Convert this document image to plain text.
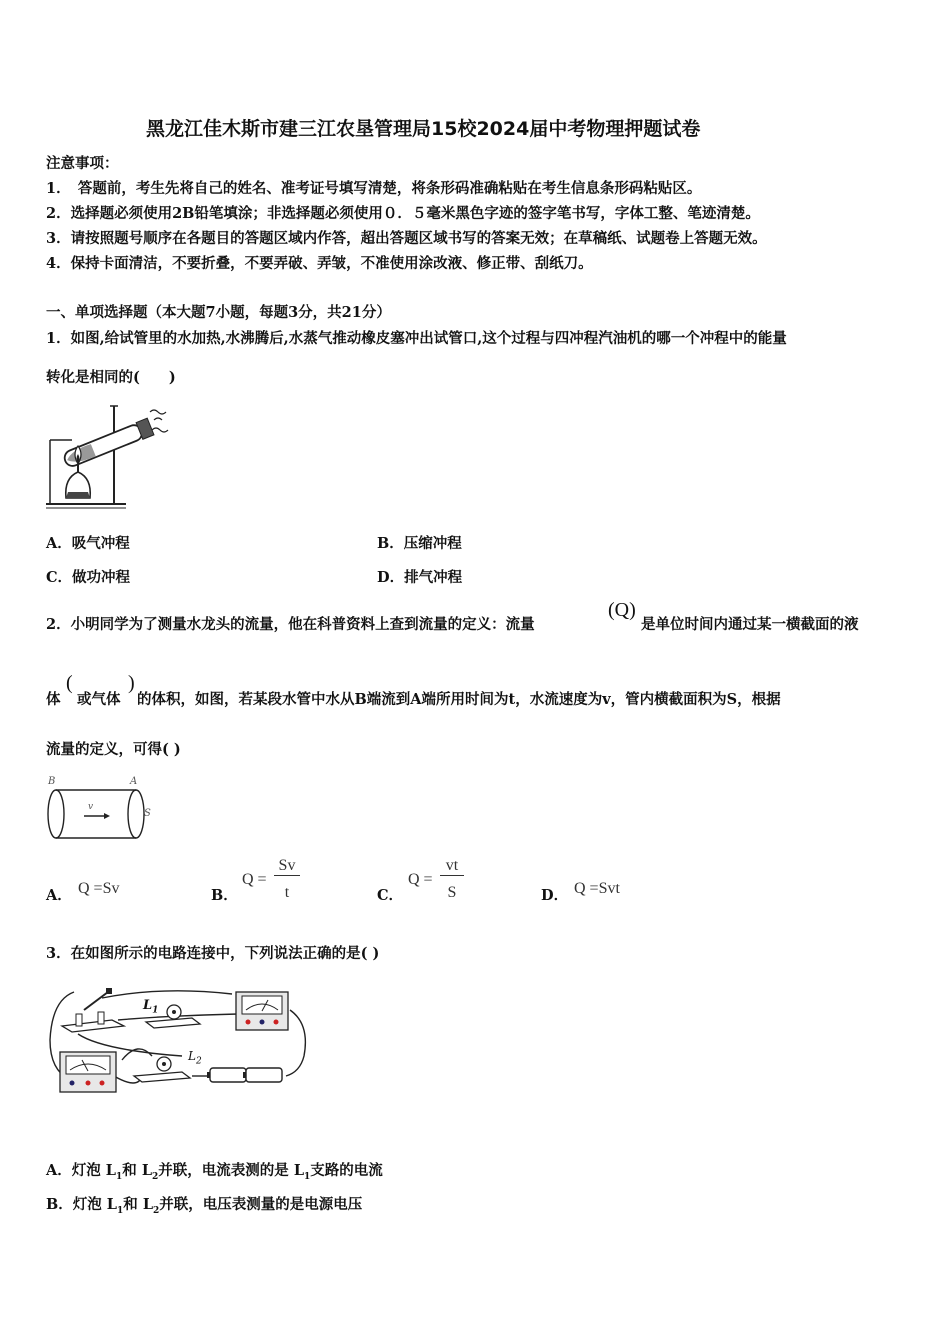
黑龙江佳木斯市建三江农垦管理局15校2024届中考物理押题试卷
注意事项：
1．　答题前，考生先将自己的姓名、准考证号填写清楚，将条形码准确粘贴在考生信息条形码粘贴区。
2．选择题必须使用2B铅笔填涂；非选择题必须使用０．５毫米黑色字迹的签字笔书写，字体工整、笔迹清楚。
3．请按照题号顺序在各题目的答题区域内作答，超出答题区域书写的答案无效；在草稿纸、试题卷上答题无效。
4．保持卡面清洁，不要折叠，不要弄破、弄皱，不准使用涂改液、修正带、刮纸刀。
一、单项选择题（本大题7小题，每题3分，共21分）
1．如图,给试管里的水加热,水沸腾后,水蒸气推动橡皮塞冲出试管口,这个过程与四冲程汽油机的哪一个冲程中的能量
转化是相同的(　　)
A．吸气冲程	B．压缩冲程
C．做功冲程	D．排气冲程
2．小明同学为了测量水龙头的流量，他在科普资料上查到流量的定义：流量
(Q)
是单位时间内通过某一横截面的液
体
(
或气体
)
的体积，如图，若某段水管中水从B端流到A端所用时间为t，水流速度为v，管内横截面积为S，根据
流量的定义，可得( )
B	A
v
S
A． Q =Sv	B．
Q =
Sv
t	C．
Q =
vt
S	D． Q =Svt
3．在如图所示的电路连接中，下列说法正确的是( )
$L_1$
$L_2$
A．灯泡 $L_1$和 $L_2$并联，电流表测的是 $L_1$支路的电流
B．灯泡 $L_1$和 $L_2$并联，电压表测量的是电源电压
